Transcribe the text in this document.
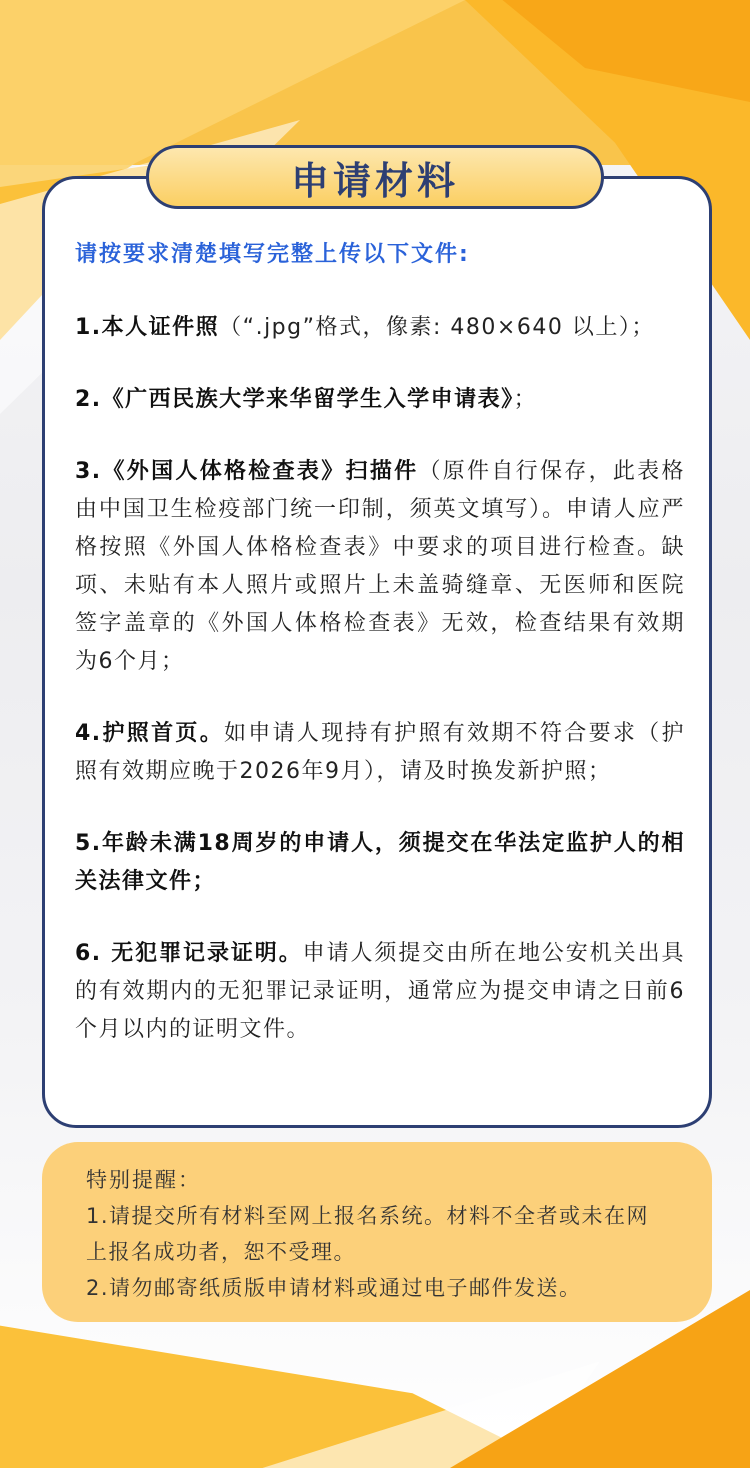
申请材料
请按要求清楚填写完整上传以下文件:
1.本人证件照（“.jpg”格式，像素: 480×640 以上）；
2.《广西民族大学来华留学生入学申请表》；
3.《外国人体格检查表》扫描件（原件自行保存，此表格由中国卫生检疫部门统一印制，须英文填写）。申请人应严格按照《外国人体格检查表》中要求的项目进行检查。缺项、未贴有本人照片或照片上未盖骑缝章、无医师和医院签字盖章的《外国人体格检查表》无效，检查结果有效期为6个月；
4.护照首页。如申请人现持有护照有效期不符合要求（护照有效期应晚于2026年9月），请及时换发新护照；
5.年龄未满18周岁的申请人，须提交在华法定监护人的相关法律文件；
6. 无犯罪记录证明。申请人须提交由所在地公安机关出具的有效期内的无犯罪记录证明，通常应为提交申请之日前6个月以内的证明文件。
特别提醒：
1.请提交所有材料至网上报名系统。材料不全者或未在网上报名成功者，恕不受理。
2.请勿邮寄纸质版申请材料或通过电子邮件发送。
